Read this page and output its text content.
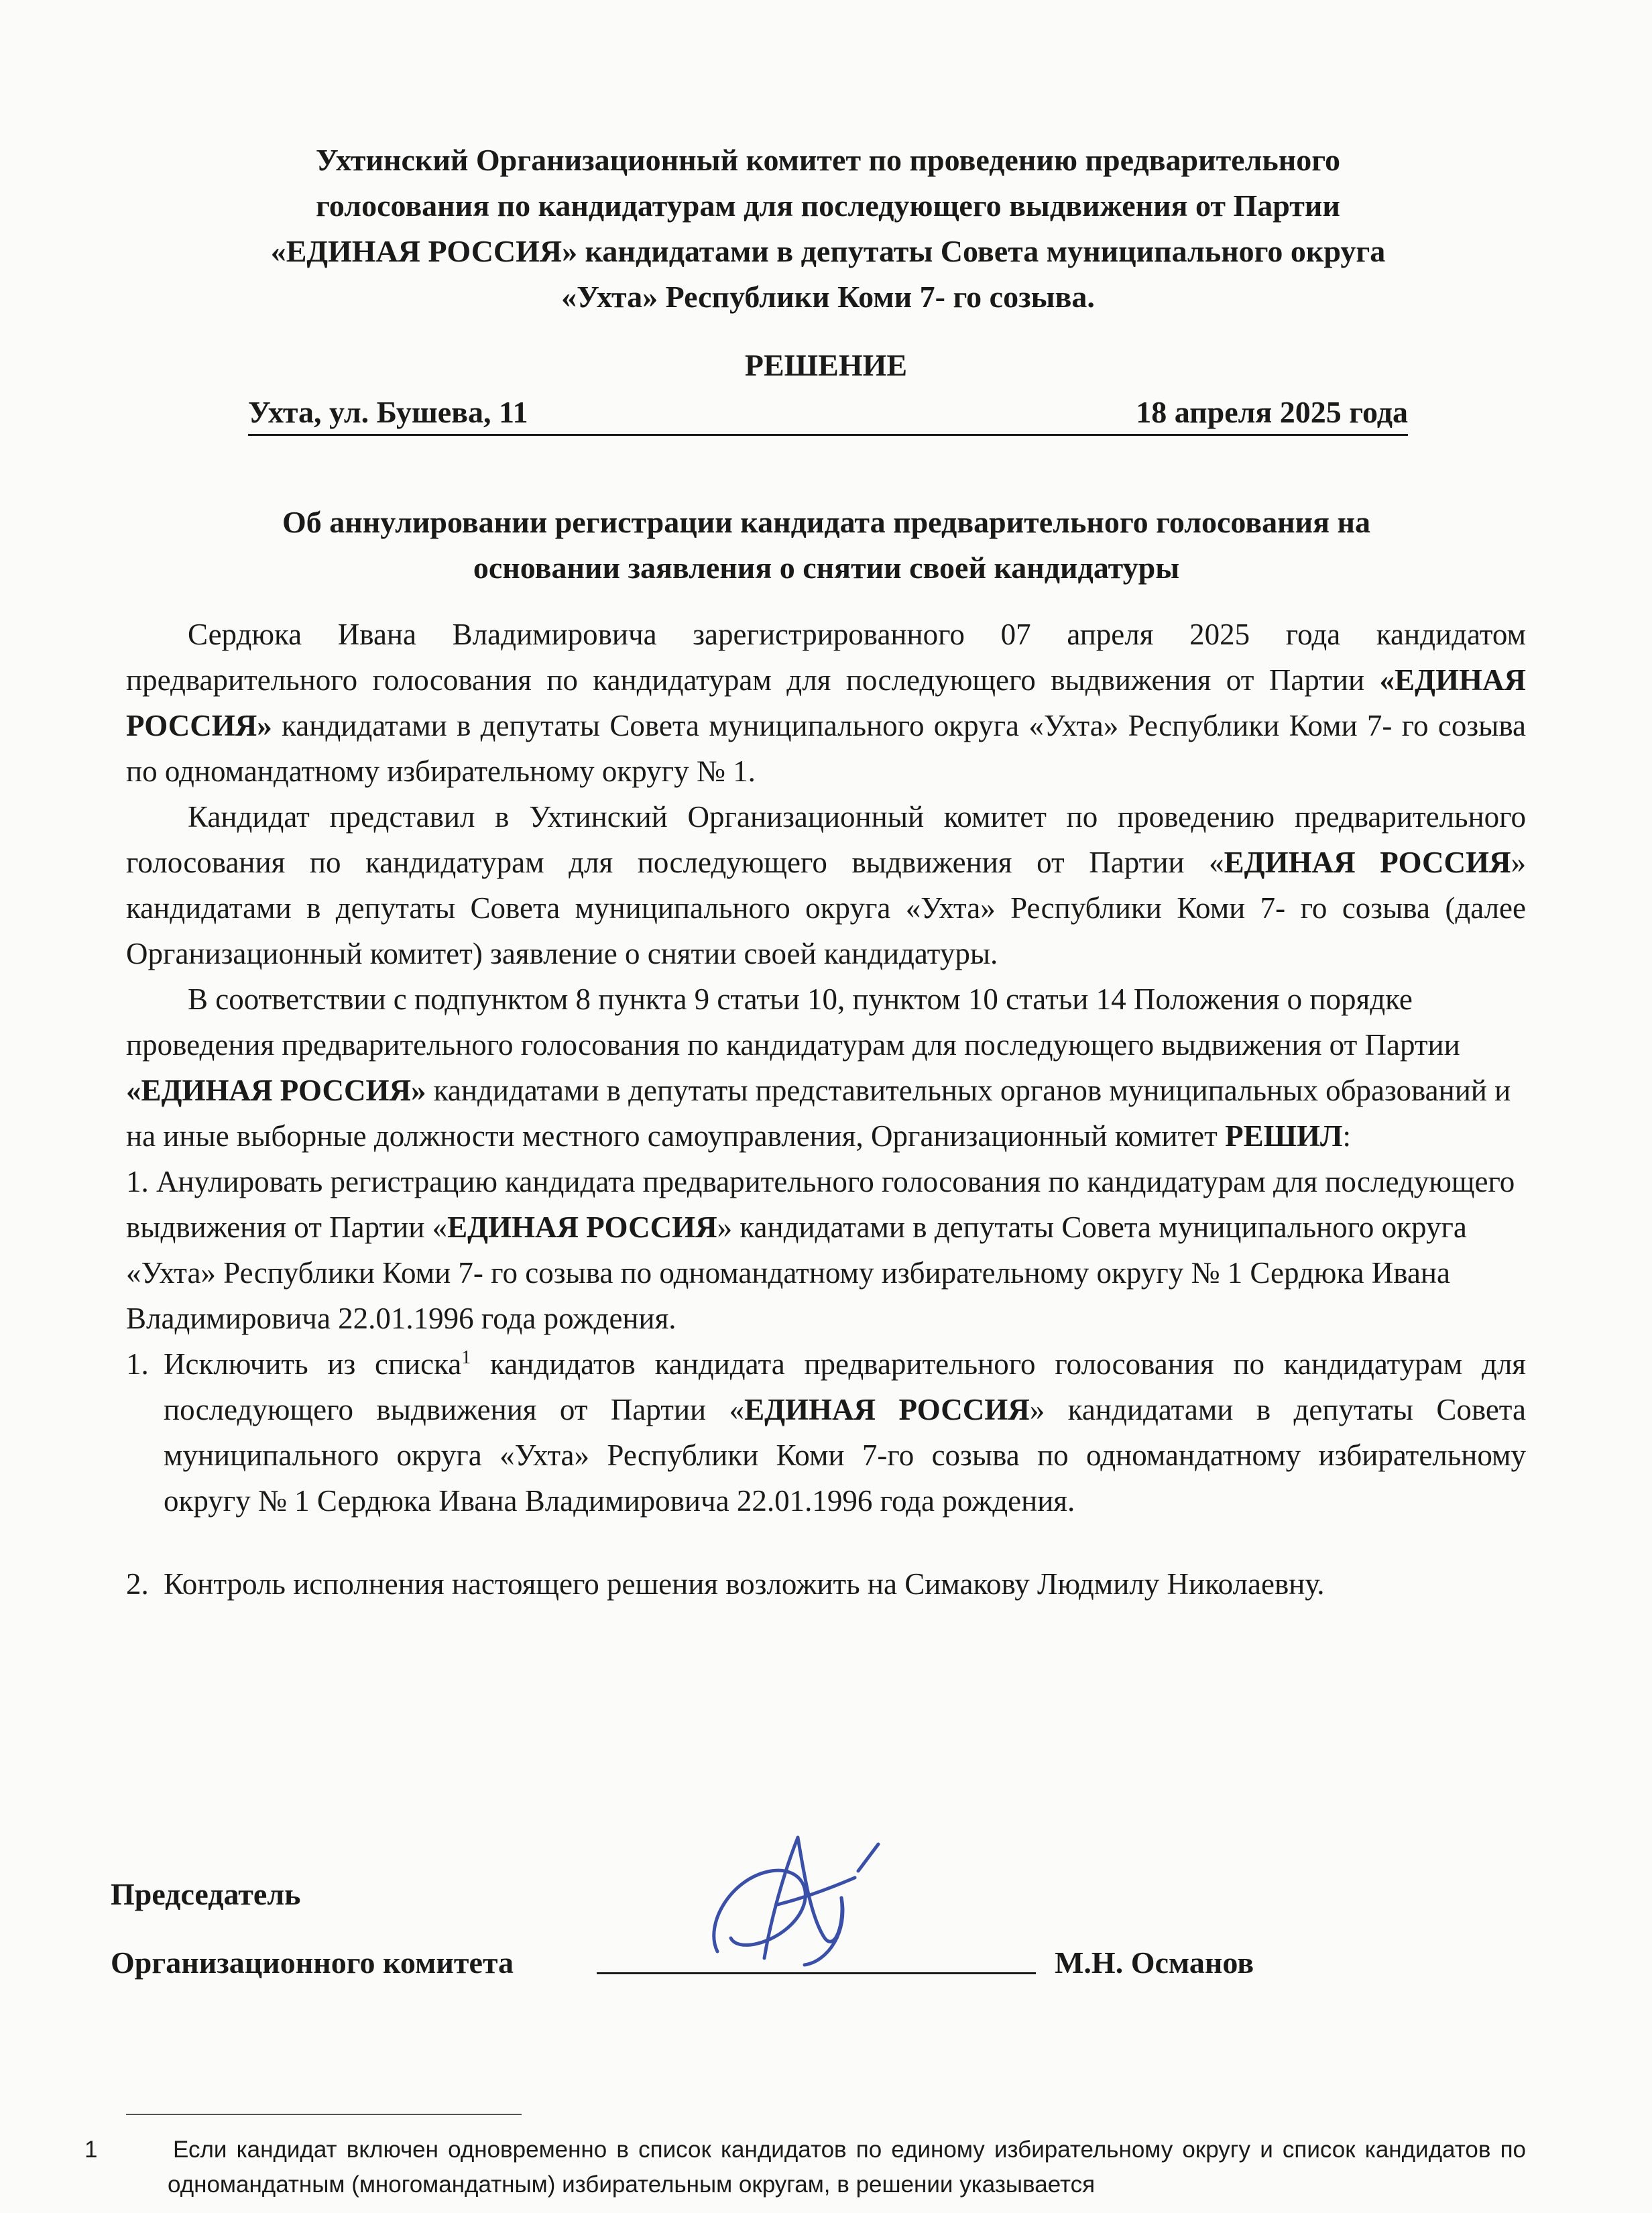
Ухтинский Организационный комитет по проведению предварительного
голосования по кандидатурам для последующего выдвижения от Партии
«ЕДИНАЯ РОССИЯ» кандидатами в депутаты Совета муниципального округа
«Ухта» Республики Коми 7- го созыва.
РЕШЕНИЕ
Ухта, ул. Бушева, 11	18 апреля 2025 года
Об аннулировании регистрации кандидата предварительного голосования на
основании заявления о снятии своей кандидатуры

Сердюка Ивана Владимировича зарегистрированного 07 апреля 2025 года кандидатом предварительного голосования по кандидатурам для последующего выдвижения от Партии «ЕДИНАЯ РОССИЯ» кандидатами в депутаты Совета муниципального округа «Ухта» Республики Коми 7- го созыва по одномандатному избирательному округу № 1.

Кандидат представил в Ухтинский Организационный комитет по проведению предварительного голосования по кандидатурам для последующего выдвижения от Партии «ЕДИНАЯ РОССИЯ» кандидатами в депутаты Совета муниципального округа «Ухта» Республики Коми 7- го созыва (далее Организационный комитет) заявление о снятии своей кандидатуры.

В соответствии с подпунктом 8 пункта 9 статьи 10, пунктом 10 статьи 14 Положения о порядке проведения предварительного голосования по кандидатурам для последующего выдвижения от Партии «ЕДИНАЯ РОССИЯ» кандидатами в депутаты представительных органов муниципальных образований и на иные выборные должности местного самоуправления, Организационный комитет РЕШИЛ:

1. Анулировать регистрацию кандидата предварительного голосования по кандидатурам для последующего выдвижения от Партии «ЕДИНАЯ РОССИЯ» кандидатами в депутаты Совета муниципального округа «Ухта» Республики Коми 7- го созыва по одномандатному избирательному округу № 1 Сердюка Ивана Владимировича 22.01.1996 года рождения.

1. Исключить из списка$^1$ кандидатов кандидата предварительного голосования по кандидатурам для последующего выдвижения от Партии «ЕДИНАЯ РОССИЯ» кандидатами в депутаты Совета муниципального округа «Ухта» Республики Коми 7-го созыва по одномандатному избирательному округу № 1 Сердюка Ивана Владимировича 22.01.1996 года рождения.
2. Контроль исполнения настоящего решения возложить на Симакову Людмилу Николаевну.
Председатель
Организационного комитета	М.Н. Османов
1	Если кандидат включен одновременно в список кандидатов по единому избирательному округу и список кандидатов по одномандатным (многомандатным) избирательным округам, в решении указывается
